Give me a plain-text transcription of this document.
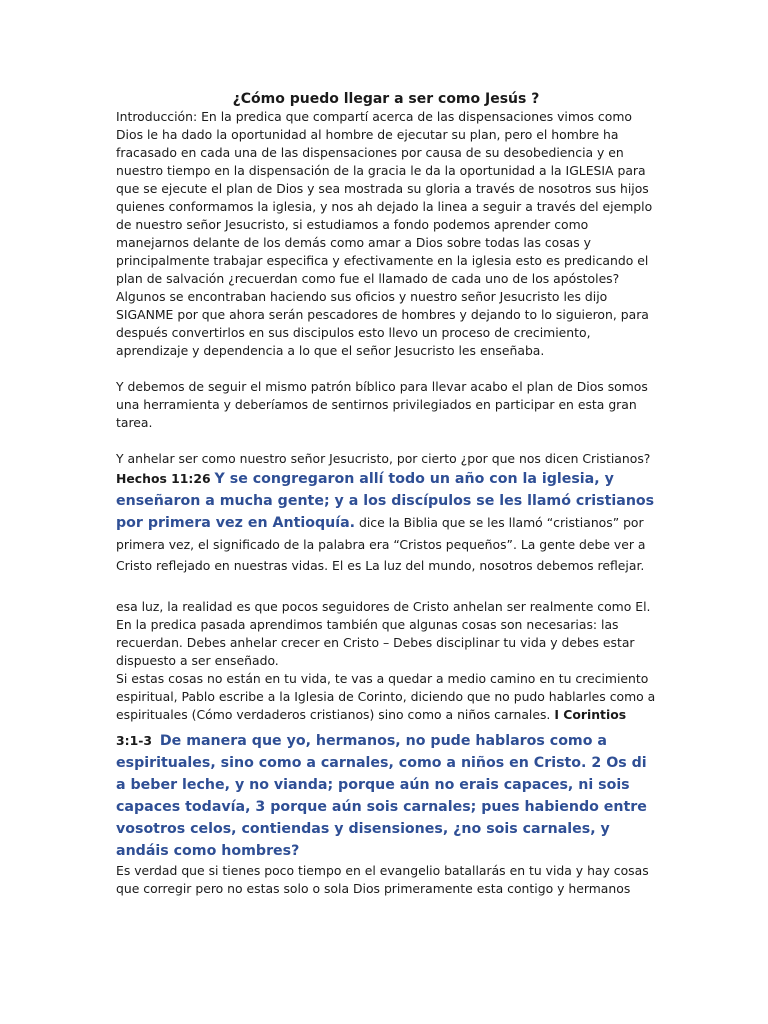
¿Cómo puedo llegar a ser como Jesús ?

Introducción: En la predica que compartí acerca de las dispensaciones vimos como Dios le ha dado la oportunidad al hombre de ejecutar su plan, pero el hombre ha fracasado en cada una de las dispensaciones por causa de su desobediencia y en nuestro tiempo en la dispensación de la gracia le da la oportunidad a la IGLESIA para que se ejecute el plan de Dios y sea mostrada su gloria a través de nosotros sus hijos quienes conformamos la iglesia, y nos ah dejado la linea a seguir a través del ejemplo de nuestro señor Jesucristo, si estudiamos a fondo podemos aprender como manejarnos delante de los demás como amar a Dios sobre todas las cosas y principalmente trabajar especifica y efectivamente en la iglesia esto es predicando el plan de salvación ¿recuerdan como fue el llamado de cada uno de los apóstoles? Algunos se encontraban haciendo sus oficios y nuestro señor Jesucristo les dijo SIGANME por que ahora serán pescadores de hombres y dejando to lo siguieron, para después convertirlos en sus discipulos esto llevo un proceso de crecimiento, aprendizaje y dependencia a lo que el señor Jesucristo les enseñaba.

Y debemos de seguir el mismo patrón bíblico para llevar acabo el plan de Dios somos una herramienta y deberíamos de sentirnos privilegiados en participar en esta gran tarea.

Y anhelar ser como nuestro señor Jesucristo, por cierto ¿por que nos dicen Cristianos?

Hechos 11:26 Y se congregaron allí todo un año con la iglesia, y enseñaron a mucha gente; y a los discípulos se les llamó cristianos por primera vez en Antioquía. dice la Biblia que se les llamó “cristianos” por primera vez, el significado de la palabra era “Cristos pequeños”. La gente debe ver a Cristo reflejado en nuestras vidas. El es La luz del mundo, nosotros debemos reflejar.

esa luz, la realidad es que pocos seguidores de Cristo anhelan ser realmente como El. En la predica pasada aprendimos también que algunas cosas son necesarias: las recuerdan. Debes anhelar crecer en Cristo – Debes disciplinar tu vida y debes estar dispuesto a ser enseñado.

Si estas cosas no están en tu vida, te vas a quedar a medio camino en tu crecimiento espiritual, Pablo escribe a la Iglesia de Corinto, diciendo que no pudo hablarles como a espirituales (Cómo verdaderos cristianos) sino como a niños carnales. I Corintios

3:1-3 De manera que yo, hermanos, no pude hablaros como a espirituales, sino como a carnales, como a niños en Cristo. 2 Os di a beber leche, y no vianda; porque aún no erais capaces, ni sois capaces todavía, 3 porque aún sois carnales; pues habiendo entre vosotros celos, contiendas y disensiones, ¿no sois carnales, y andáis como hombres?

Es verdad que si tienes poco tiempo en el evangelio batallarás en tu vida y hay cosas que corregir pero no estas solo o sola Dios primeramente esta contigo y hermanos
